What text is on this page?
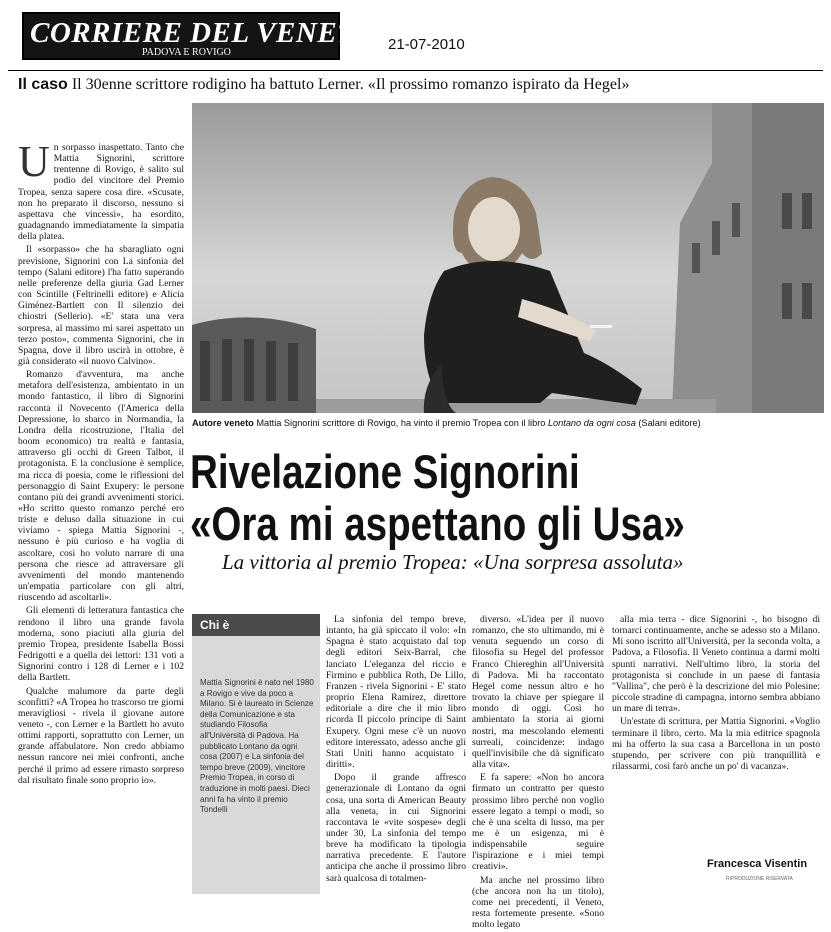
CORRIERE DEL VENETO
PADOVA E ROVIGO	21-07-2010
Il caso Il 30enne scrittore rodigino ha battuto Lerner. «Il prossimo romanzo ispirato da Hegel»

Un sorpasso inaspettato. Tanto che Mattia Signorini, scrittore trentenne di Rovigo, è salito sul podio del vincitore del Premio Tropea, senza sapere cosa dire. «Scusate, non ho preparato il discorso, nessuno si aspettava che vincessi», ha esordito, guadagnando immediatamente la simpatia della platea.

Il «sorpasso» che ha sbaragliato ogni previsione, Signorini con La sinfonia del tempo (Salani editore) l'ha fatto superando nelle preferenze della giuria Gad Lerner con Scintille (Feltrinelli editore) e Alicia Giménez-Bartlett con Il silenzio dei chiostri (Sellerio). «E' stata una vera sorpresa, al massimo mi sarei aspettato un terzo posto», commenta Signorini, che in Spagna, dove il libro uscirà in ottobre, è già considerato «il nuovo Calvino».

Romanzo d'avventura, ma anche metafora dell'esistenza, ambientato in un mondo fantastico, il libro di Signorini racconta il Novecento (l'America della Depressione, lo sbarco in Normandia, la Londra della ricostruzione, l'Italia del boom economico) tra realtà e fantasia, attraverso gli occhi di Green Talbot, il protagonista. E la conclusione è semplice, ma ricca di poesia, come le riflessioni del personaggio di Saint Exupery: le persone contano più dei grandi avvenimenti storici. «Ho scritto questo romanzo perché ero triste e deluso dalla situazione in cui viviamo - spiega Mattia Signorini -, nessuno è più curioso e ha voglia di ascoltare, così ho voluto narrare di una persona che riesce ad attraversare gli avvenimenti del mondo mantenendo un'empatia particolare con gli altri, riuscendo ad ascoltarli».

Gli elementi di letteratura fantastica che rendono il libro una grande favola moderna, sono piaciuti alla giuria del premio Tropea, presidente Isabella Bossi Fedrigotti e a quella dei lettori: 131 voti a Signorini contro i 128 di Lerner e i 102 della Bartlett.

Qualche malumore da parte degli sconfitti? «A Tropea ho trascorso tre giorni meravigliosi - rivela il giovane autore veneto -, con Lerner e la Bartlett ho avuto ottimi rapporti, soprattutto con Lerner, un grande affabulatore. Non credo abbiamo nessun rancore nei miei confronti, anche perché il primo ad essere rimasto sorpreso dal risultato finale sono proprio io».

Autore veneto Mattia Signorini scrittore di Rovigo, ha vinto il premio Tropea con il libro Lontano da ogni cosa (Salani editore)
Rivelazione Signorini
«Ora mi aspettano gli Usa»
La vittoria al premio Tropea: «Una sorpresa assoluta»
Chi è
Mattia Signorini è nato nel 1980 a Rovigo e vive da poco a Milano. Si è laureato in Scienze della Comunicazione e sta studiando Filosofia all'Università di Padova. Ha pubblicato Lontano da ogni cosa (2007) e La sinfonia del tempo breve (2009), vincitore Premio Tropea, in corso di traduzione in molti paesi. Dieci anni fa ha vinto il premio Tondelli

La sinfonia del tempo breve, intanto, ha già spiccato il volo: «In Spagna è stato acquistato dal top degli editori Seix-Barral, che lanciato L'eleganza del riccio e Firmino e pubblica Roth, De Lillo, Franzen - rivela Signorini - E' stato proprio Elena Ramirez, direttore editoriale a dire che il mio libro ricorda Il piccolo principe di Saint Exupery. Ogni mese c'è un nuovo editore interessato, adesso anche gli Stati Uniti hanno acquistato i diritti».

Dopo il grande affresco generazionale di Lontano da ogni cosa, una sorta di American Beauty alla veneta, in cui Signorini raccontava le «vite sospese» degli under 30, La sinfonia del tempo breve ha modificato la tipologia narrativa precedente. E l'autore anticipa che anche il prossimo libro sarà qualcosa di totalmen-

diverso. «L'idea per il nuovo romanzo, che sto ultimando, mi è venuta seguendo un corso di filosofia su Hegel del professor Franco Chiereghin all'Università di Padova. Mi ha raccontato Hegel come nessun altro e ho trovato la chiave per spiegare il mondo di oggi. Così ho ambientato la storia ai giorni nostri, ma mescolando elementi surreali, coincidenze: indago quell'invisibile che dà significato alla vita».

E fa sapere: «Non ho ancora firmato un contratto per questo prossimo libro perché non voglio essere legato a tempi o modi, so che è una scelta di lusso, ma per me è un esigenza, mi è indispensabile seguire l'ispirazione e i miei tempi creativi».

Ma anche nel prossimo libro (che ancora non ha un titolo), come nei precedenti, il Veneto, resta fortemente presente. «Sono molto legato

alla mia terra - dice Signorini -, ho bisogno di tornarci continuamente, anche se adesso sto a Milano. Mi sono iscritto all'Università, per la seconda volta, a Padova, a Filosofia. Il Veneto continua a darmi molti spunti narrativi. Nell'ultimo libro, la storia del protagonista si conclude in un paese di fantasia "Vallina", che però è la descrizione del mio Polesine: piccole stradine di campagna, intorno sembra abbiano un mare di terra».

Un'estate di scrittura, per Mattia Signorini. «Voglio terminare il libro, certo. Ma la mia editrice spagnola mi ha offerto la sua casa a Barcellona in un posto stupendo, per scrivere con più tranquillità e rilassarmi, così farò anche un po' di vacanza».

Francesca Visentin
RIPRODUZIONE RISERVATA
